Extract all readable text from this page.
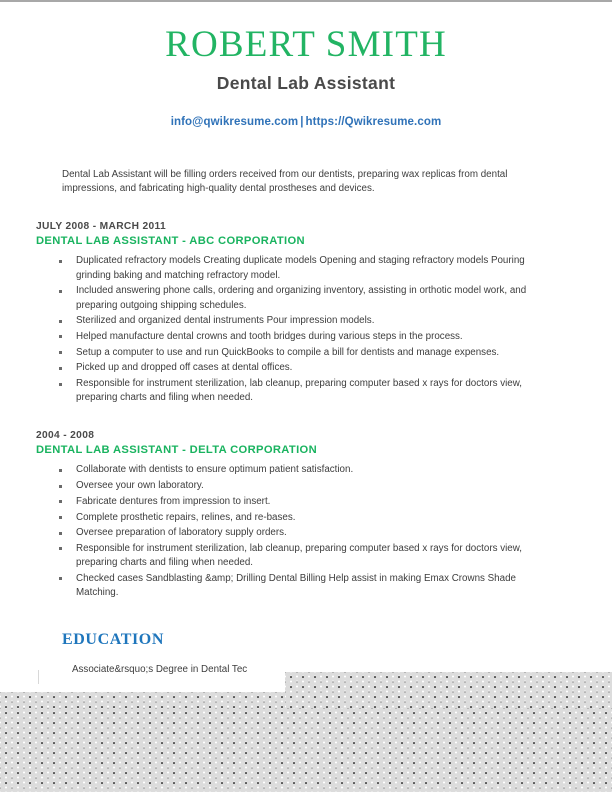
ROBERT SMITH
Dental Lab Assistant
info@qwikresume.com | https://Qwikresume.com
Dental Lab Assistant will be filling orders received from our dentists, preparing wax replicas from dental impressions, and fabricating high-quality dental prostheses and devices.
JULY 2008 - MARCH 2011
DENTAL LAB ASSISTANT - ABC CORPORATION
Duplicated refractory models Creating duplicate models Opening and staging refractory models Pouring grinding baking and matching refractory model.
Included answering phone calls, ordering and organizing inventory, assisting in orthotic model work, and preparing outgoing shipping schedules.
Sterilized and organized dental instruments Pour impression models.
Helped manufacture dental crowns and tooth bridges during various steps in the process.
Setup a computer to use and run QuickBooks to compile a bill for dentists and manage expenses.
Picked up and dropped off cases at dental offices.
Responsible for instrument sterilization, lab cleanup, preparing computer based x rays for doctors view, preparing charts and filing when needed.
2004 - 2008
DENTAL LAB ASSISTANT - DELTA CORPORATION
Collaborate with dentists to ensure optimum patient satisfaction.
Oversee your own laboratory.
Fabricate dentures from impression to insert.
Complete prosthetic repairs, relines, and re-bases.
Oversee preparation of laboratory supply orders.
Responsible for instrument sterilization, lab cleanup, preparing computer based x rays for doctors view, preparing charts and filing when needed.
Checked cases Sandblasting &amp; Drilling Dental Billing Help assist in making Emax Crowns Shade Matching.
EDUCATION
Associate&rsquo;s Degree in Dental Tec
